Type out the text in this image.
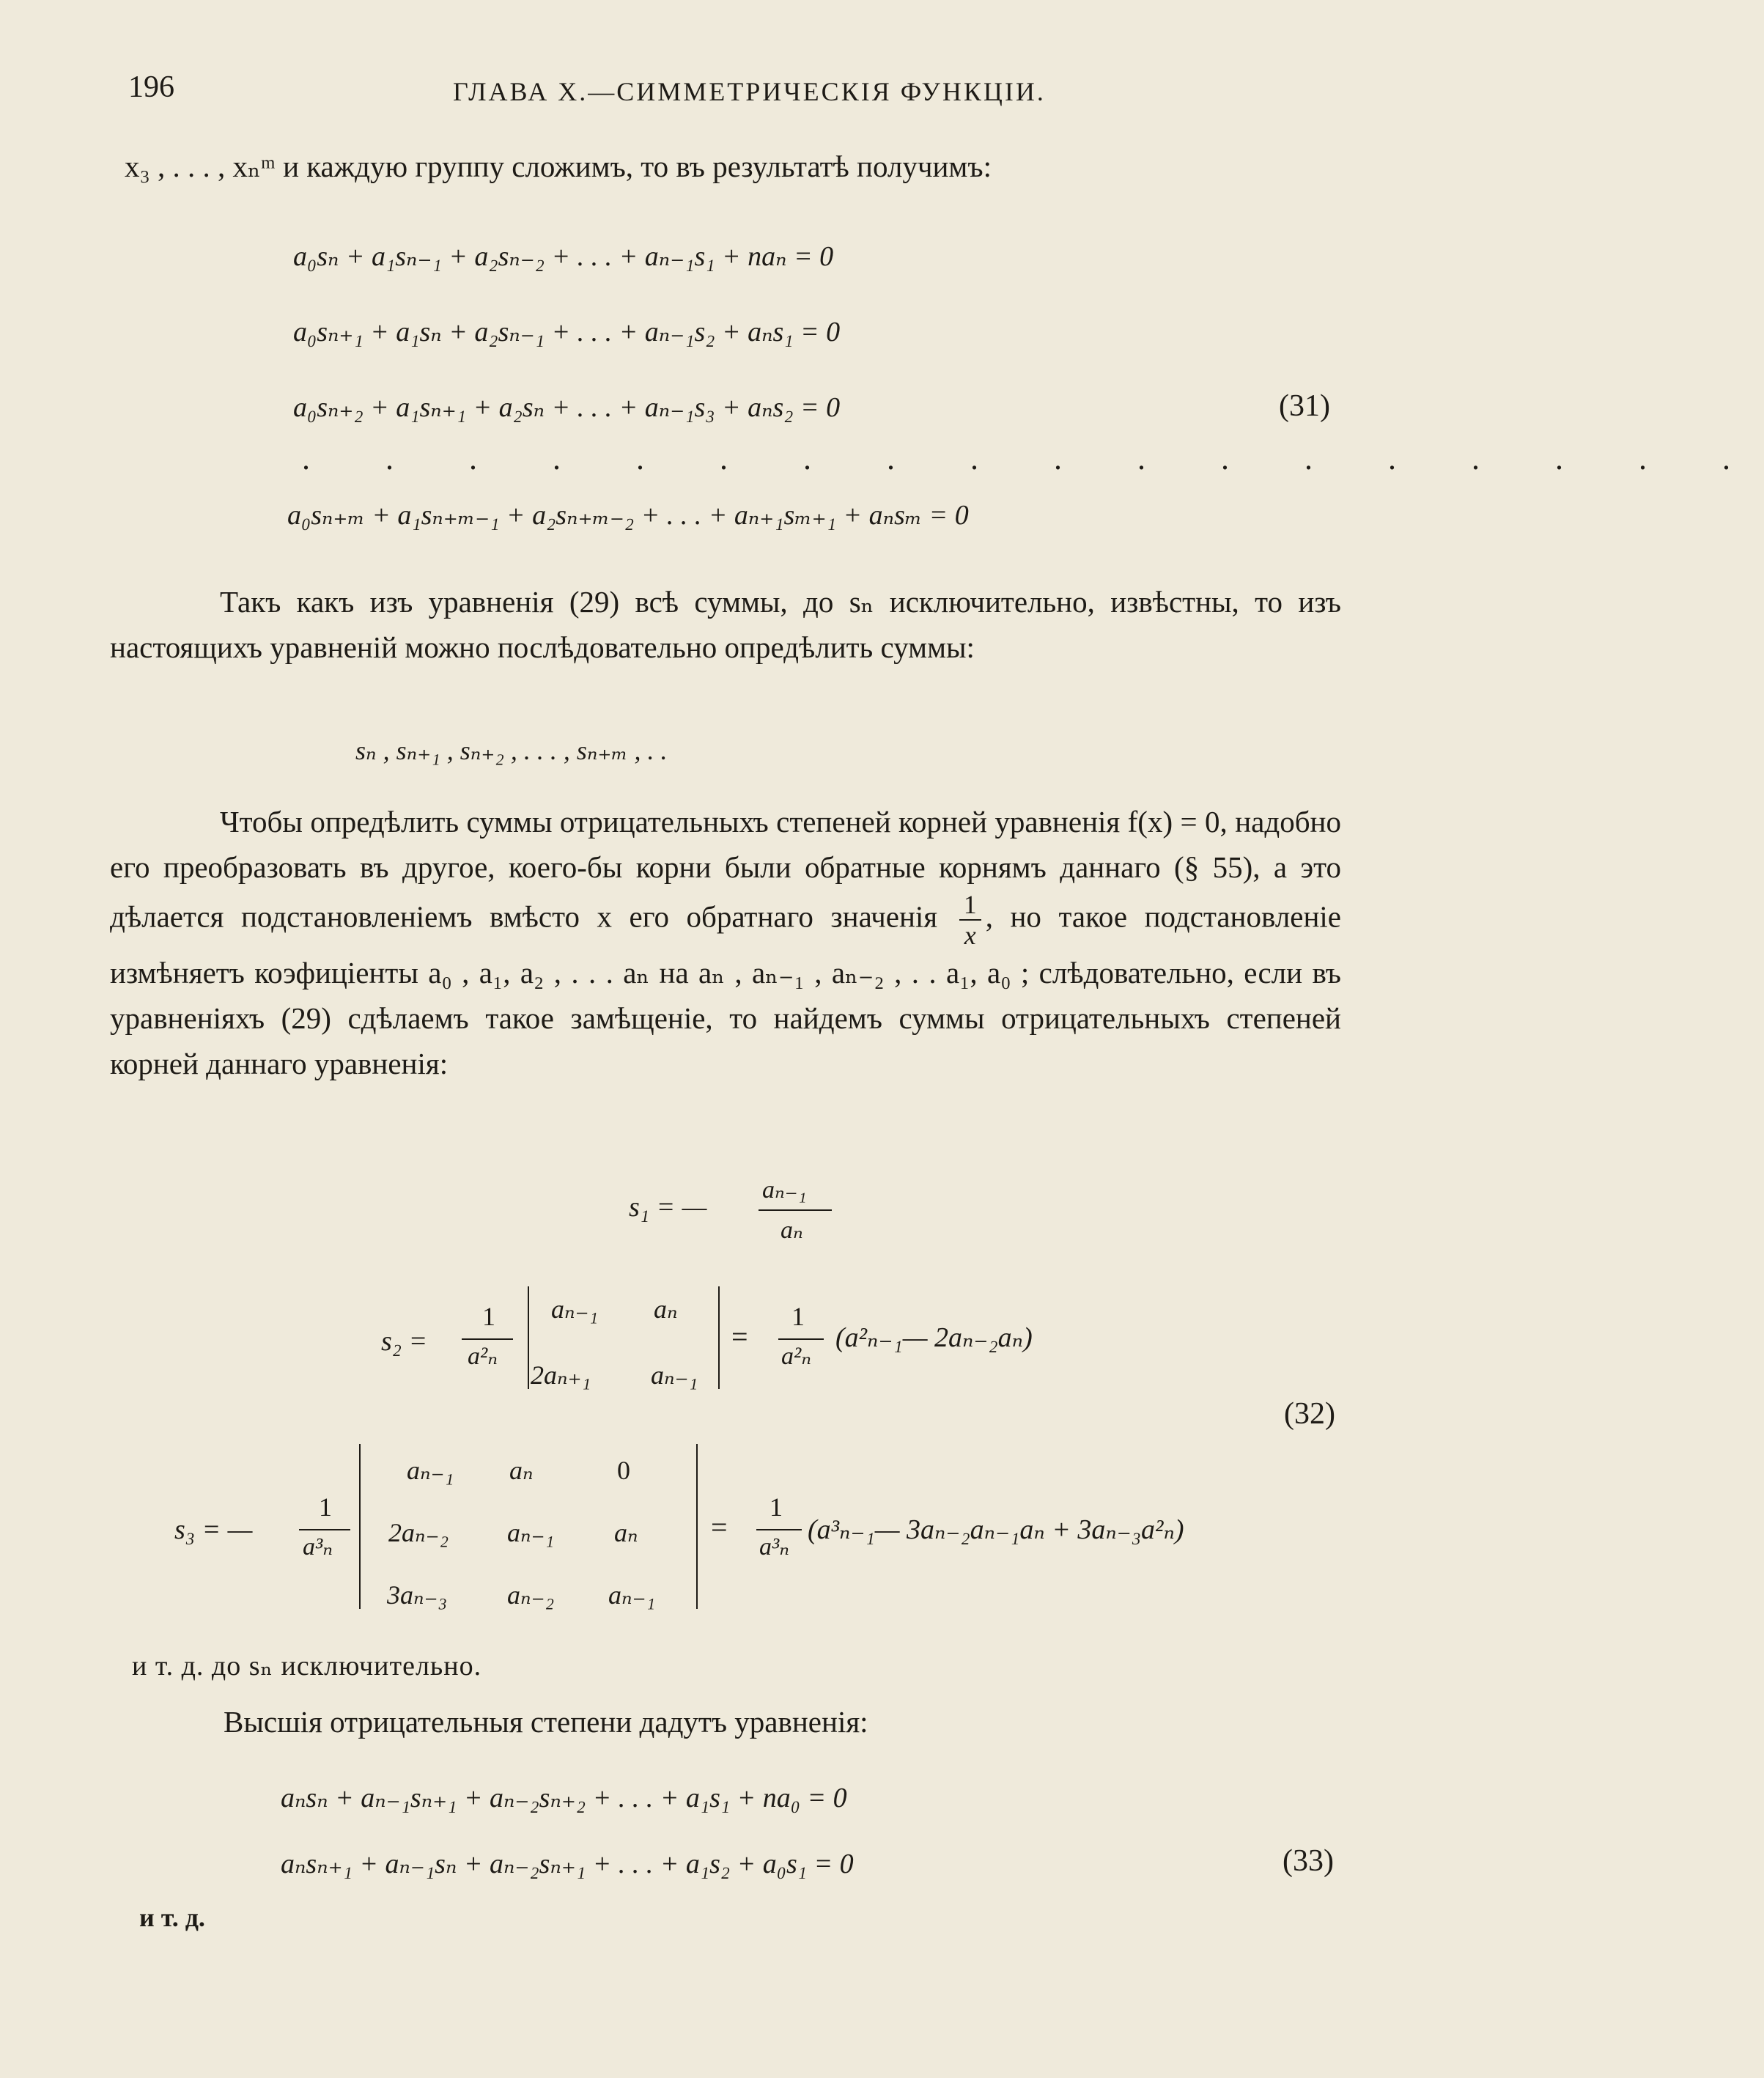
196	ГЛАВА X.—СИММЕТРИЧЕСКІЯ ФУНКЦІИ.
x₃ , . . . , xₙᵐ и каждую группу сложимъ, то въ результатѣ получимъ:
a₀sₙ + a₁sₙ₋₁ + a₂sₙ₋₂ + . . . + aₙ₋₁s₁ + naₙ = 0
a₀sₙ₊₁ + a₁sₙ + a₂sₙ₋₁ + . . . + aₙ₋₁s₂ + aₙs₁ = 0
a₀sₙ₊₂ + a₁sₙ₊₁ + a₂sₙ + . . . + aₙ₋₁s₃ + aₙs₂ = 0	(31)
. . . . . . . . . . . . . . . . . .
a₀sₙ₊ₘ + a₁sₙ₊ₘ₋₁ + a₂sₙ₊ₘ₋₂ + . . . + aₙ₊₁sₘ₊₁ + aₙsₘ = 0

Такъ какъ изъ уравненія (29) всѣ суммы, до sₙ исключительно, извѣстны, то изъ настоящихъ уравненій можно послѣдовательно опредѣлить суммы:

sₙ , sₙ₊₁ , sₙ₊₂ , . . . , sₙ₊ₘ , . .

Чтобы опредѣлить суммы отрицательныхъ степеней корней уравненія f(x) = 0, надобно его преобразовать въ другое, коего-бы корни были обратные корнямъ даннаго (§ 55), а это дѣлается подстановленіемъ вмѣсто x его обратнаго значенія $\frac{1}{x}$ , но такое подстановленіе измѣняетъ коэфиціенты a₀ , a₁, a₂ , . . . aₙ на aₙ , aₙ₋₁ , aₙ₋₂ , . . a₁, a₀ ; слѣдовательно, если въ уравненіяхъ (29) сдѣлаемъ такое замѣщеніе, то найдемъ суммы отрицательныхъ степеней корней даннаго уравненія:

s₁ = —
aₙ₋₁
aₙ
s₂ =
1
a²ₙ
aₙ₋₁ aₙ
2aₙ₊₁ aₙ₋₁
=
1
a²ₙ
(a²ₙ₋₁— 2aₙ₋₂aₙ)
(32)
s₃ = —
1
a³ₙ
aₙ₋₁ aₙ	0
2aₙ₋₂ aₙ₋₁ aₙ
3aₙ₋₃ aₙ₋₂ aₙ₋₁
=
1
a³ₙ
(a³ₙ₋₁— 3aₙ₋₂aₙ₋₁aₙ + 3aₙ₋₃a²ₙ)
и т. д. до sₙ исключительно.
Высшія отрицательныя степени дадутъ уравненія:
aₙsₙ + aₙ₋₁sₙ₊₁ + aₙ₋₂sₙ₊₂ + . . . + a₁s₁ + na₀ = 0
aₙsₙ₊₁ + aₙ₋₁sₙ + aₙ₋₂sₙ₊₁ + . . . + a₁s₂ + a₀s₁ = 0	(33)
и т. д.
